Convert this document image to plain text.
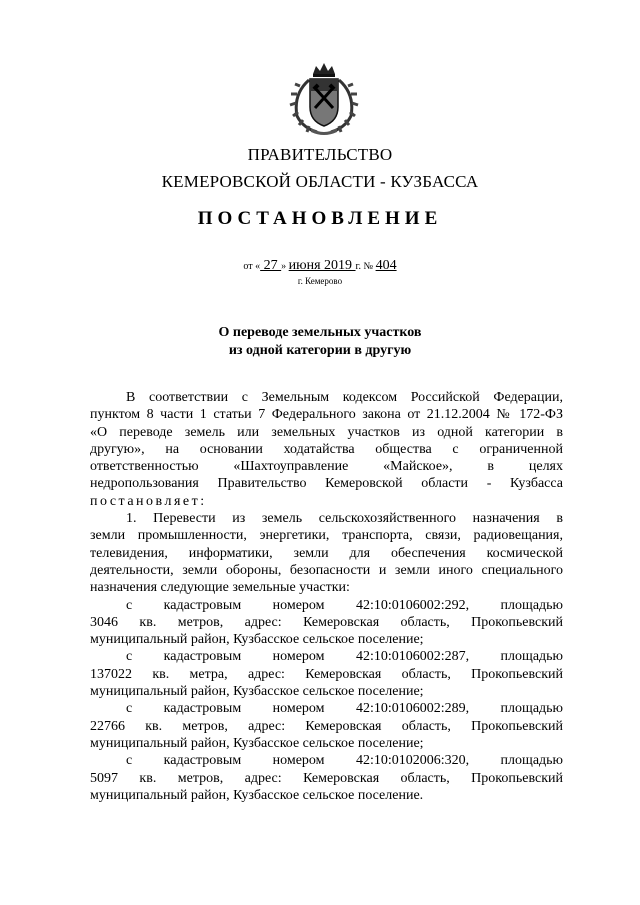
ПРАВИТЕЛЬСТВО
КЕМЕРОВСКОЙ ОБЛАСТИ - КУЗБАССА
ПОСТАНОВЛЕНИЕ
от « 27 » июня 2019 г. № 404
г. Кемерово
О переводе земельных участков
из одной категории в другую

В соответствии с Земельным кодексом Российской Федерации,

пунктом 8 части 1 статьи 7 Федерального закона от 21.12.2004 № 172-ФЗ

«О переводе земель или земельных участков из одной категории в

другую», на основании ходатайства общества с ограниченной

ответственностью «Шахтоуправление «Майское», в целях

недропользования Правительство Кемеровской области - Кузбасса

постановляет:

1. Перевести из земель сельскохозяйственного назначения в

земли промышленности, энергетики, транспорта, связи, радиовещания,

телевидения, информатики, земли для обеспечения космической

деятельности, земли обороны, безопасности и земли иного специального

назначения следующие земельные участки:

с кадастровым номером 42:10:0106002:292, площадью

3046 кв. метров, адрес: Кемеровская область, Прокопьевский

муниципальный район, Кузбасское сельское поселение;

с кадастровым номером 42:10:0106002:287, площадью

137022 кв. метра, адрес: Кемеровская область, Прокопьевский

муниципальный район, Кузбасское сельское поселение;

с кадастровым номером 42:10:0106002:289, площадью

22766 кв. метров, адрес: Кемеровская область, Прокопьевский

муниципальный район, Кузбасское сельское поселение;

с кадастровым номером 42:10:0102006:320, площадью

5097 кв. метров, адрес: Кемеровская область, Прокопьевский

муниципальный район, Кузбасское сельское поселение.
